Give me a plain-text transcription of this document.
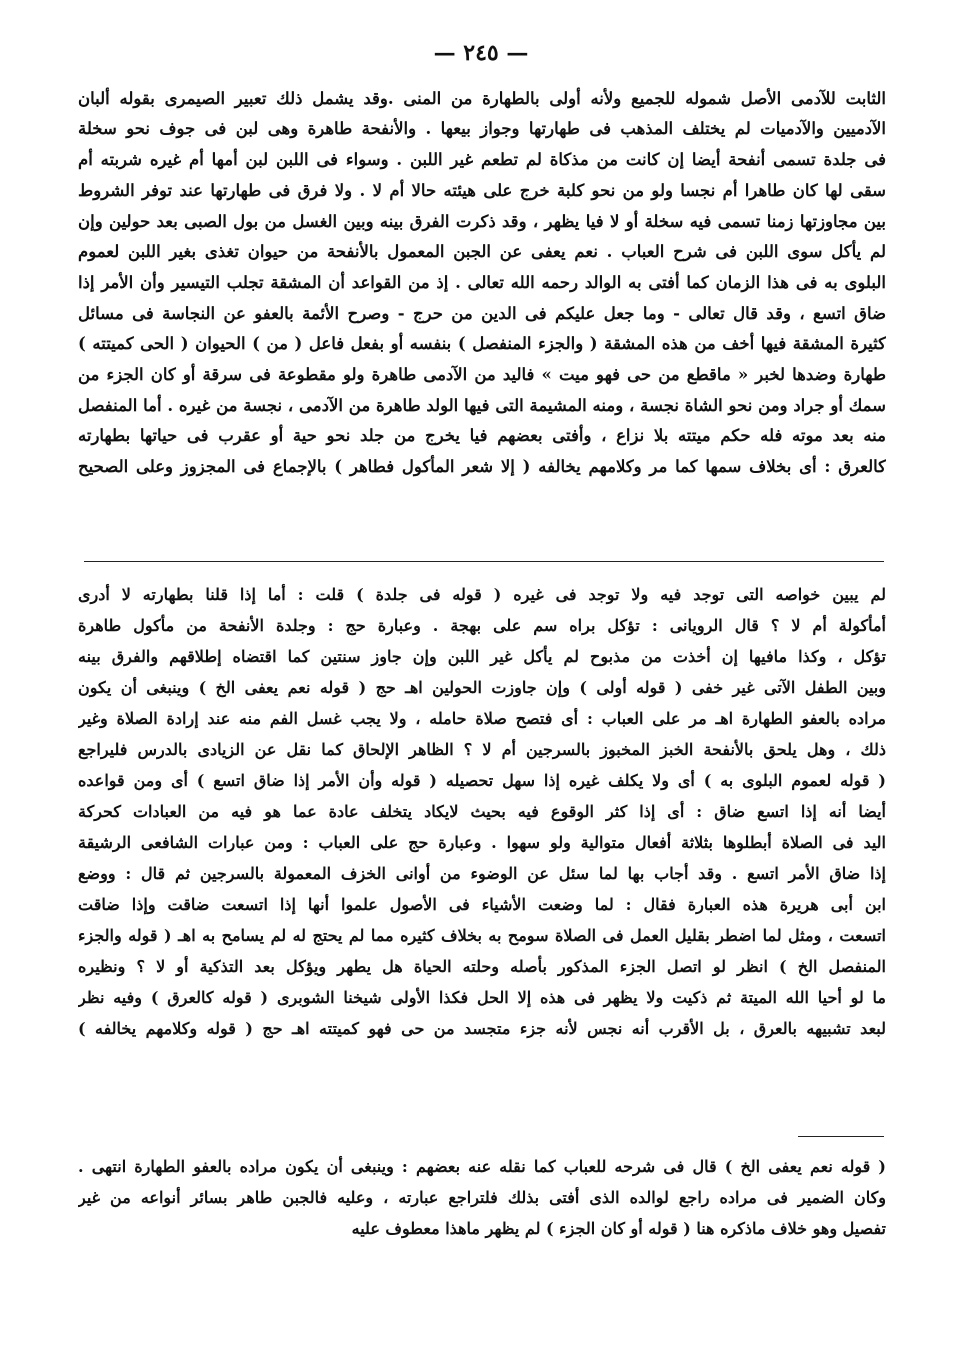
— ٢٤٥ —
الثابت للآدمى الأصل شموله للجميع ولأنه أولى بالطهارة من المنى .وقد يشمل ذلك تعبير الصيمرى بقوله ألبان
الآدميين والآدميات لم يختلف المذهب فى طهارتها وجواز بيعها . والأنفحة طاهرة وهى لبن فى جوف نحو سخلة
فى جلدة تسمى أنفحة أيضا إن كانت من مذكاة لم تطعم غير اللبن . وسواء فى اللبن لبن أمها أم غيره شربته أم
سقى لها كان طاهرا أم نجسا ولو من نحو كلبة خرج على هيئته حالا أم لا . ولا فرق فى طهارتها عند توفر الشروط
بين مجاوزتها زمنا تسمى فيه سخلة أو لا فيا يظهر ، وقد ذكرت الفرق بينه وبين الغسل من بول الصبى بعد حولين وإن
لم يأكل سوى اللبن فى شرح العباب . نعم يعفى عن الجبن المعمول بالأنفحة من حيوان تغذى بغير اللبن لعموم
البلوى به فى هذا الزمان كما أفتى به الوالد رحمه الله تعالى . إذ من القواعد أن المشقة تجلب التيسير وأن الأمر إذا
ضاق اتسع ، وقد قال تعالى - وما جعل عليكم فى الدين من حرج - وصرح الأئمة بالعفو عن النجاسة فى مسائل
كثيرة المشقة فيها أخف من هذه المشقة ( والجزء المنفصل ) بنفسه أو بفعل فاعل ( من ) الحيوان ( الحى كميتته )
طهارة وضدها لخبر « ماقطع من حى فهو ميت » فاليد من الآدمى طاهرة ولو مقطوعة فى سرقة أو كان الجزء من
سمك أو جراد ومن نحو الشاة نجسة ، ومنه المشيمة التى فيها الولد طاهرة من الآدمى ، نجسة من غيره . أما المنفصل
منه بعد موته فله حكم ميتته بلا نزاع ، وأفتى بعضهم فيا يخرج من جلد نحو حية أو عقرب فى حياتها بطهارته
كالعرق : أى بخلاف سمها كما مر وكلامهم يخالفه ( إلا شعر المأكول فطاهر ) بالإجماع فى المجزوز وعلى الصحيح
لم يبين خواصه التى توجد فيه ولا توجد فى غيره ( قوله فى جلدة ) قلت : أما إذا قلنا بطهارته لا أدرى
أمأكولة أم لا ؟ قال الرويانى : تؤكل براه سم على بهجة . وعبارة حج : وجلدة الأنفحة من مأكول طاهرة
تؤكل ، وكذا مافيها إن أخذت من مذبوح لم يأكل غير اللبن وإن جاوز سنتين كما اقتضاه إطلاقهم والفرق بينه
وبين الطفل الآتى غير خفى ( قوله أولى ) وإن جاوزت الحولين اهـ حج ( قوله نعم يعفى الخ ) وينبغى أن يكون
مراده بالعفو الطهارة اهـ مر على العباب : أى فتصح صلاة حامله ، ولا يجب غسل الفم منه عند إرادة الصلاة وغير
ذلك ، وهل يلحق بالأنفحة الخبز المخبوز بالسرجين أم لا ؟ الظاهر الإلحاق كما نقل عن الزيادى بالدرس فليراجع
( قوله لعموم البلوى به ) أى ولا يكلف غيره إذا سهل تحصيله ( قوله وأن الأمر إذا ضاق اتسع ) أى ومن قواعده
أيضا أنه إذا اتسع ضاق : أى إذا كثر الوقوع فيه بحيث لايكاد يتخلف عادة عما هو فيه من العبادات كحركة
اليد فى الصلاة أبطلوها بثلاثة أفعال متوالية ولو سهوا . وعبارة حج على العباب : ومن عبارات الشافعى الرشيقة
إذا ضاق الأمر اتسع . وقد أجاب بها لما سئل عن الوضوء من أوانى الخزف المعمولة بالسرجين ثم قال : ووضع
ابن أبى هريرة هذه العبارة فقال : لما وضعت الأشياء فى الأصول علموا أنها إذا اتسعت ضاقت وإذا ضاقت
اتسعت ، ومثل لما اضطر بقليل العمل فى الصلاة سومح به بخلاف كثيره مما لم يحتج له لم يسامح به اهـ ( قوله والجزء
المنفصل الخ ) انظر لو اتصل الجزء المذكور بأصله وحلته الحياة هل يطهر ويؤكل بعد التذكية أو لا ؟ ونظيره
ما لو أحيا الله الميتة ثم ذكيت ولا يظهر فى هذه إلا الحل فكذا الأولى شيخنا الشوبرى ( قوله كالعرق ) وفيه نظر
لبعد تشبيهه بالعرق ، بل الأقرب أنه نجس لأنه جزء متجسد من حى فهو كميتته اهـ حج ( قوله وكلامهم يخالفه )
( قوله نعم يعفى الخ ) قال فى شرحه للعباب كما نقله عنه بعضهم : وينبغى أن يكون مراده بالعفو الطهارة انتهى .
وكان الضمير فى مراده راجع لوالده الذى أفتى بذلك فلتراجع عبارته ، وعليه فالجبن طاهر بسائر أنواعه من غير
تفصيل وهو خلاف ماذكره هنا ( قوله أو كان الجزء ) لم يظهر ماهذا معطوف عليه
